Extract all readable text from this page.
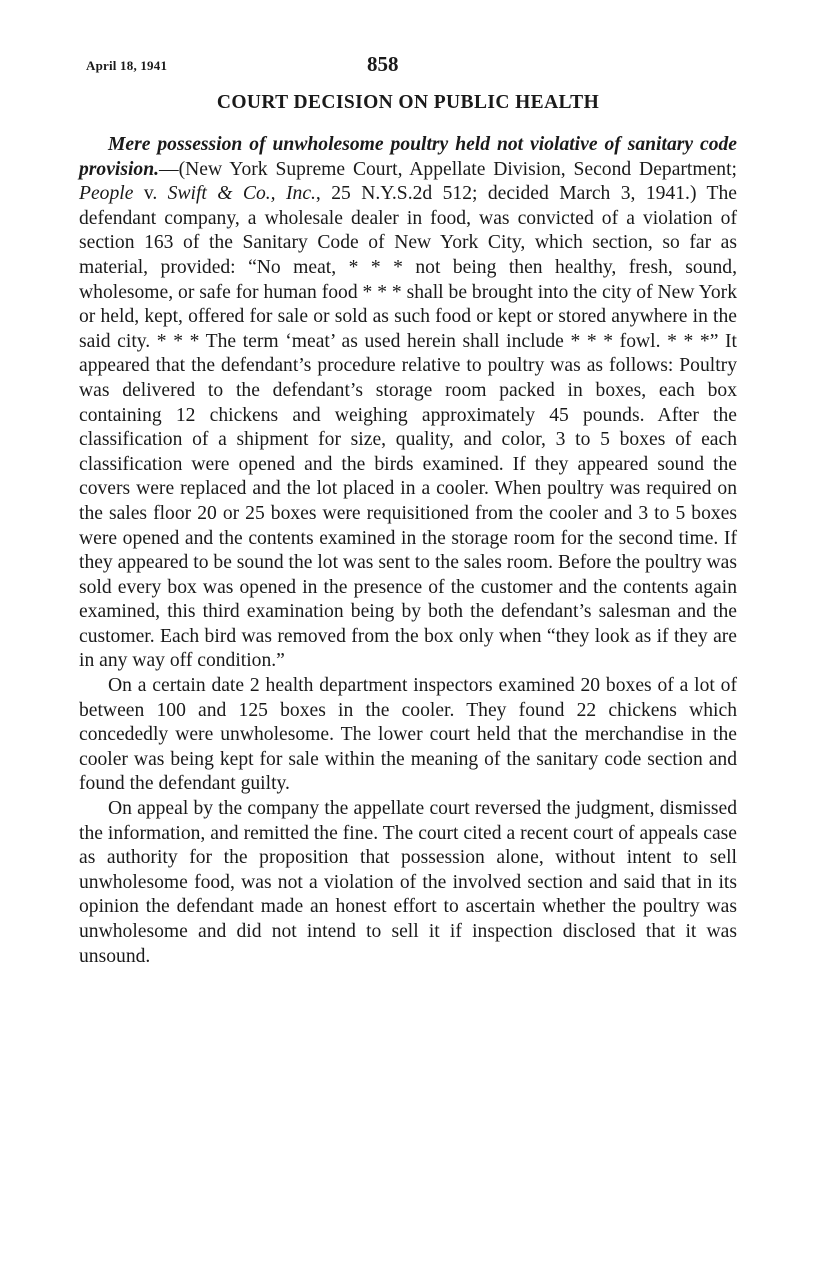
April 18, 1941	858
COURT DECISION ON PUBLIC HEALTH

Mere possession of unwholesome poultry held not violative of sanitary code provision.—(New York Supreme Court, Appellate Division, Second Department; People v. Swift & Co., Inc., 25 N.Y.S.2d 512; decided March 3, 1941.) The defendant company, a wholesale dealer in food, was convicted of a violation of section 163 of the Sanitary Code of New York City, which section, so far as material, provided: “No meat, * * * not being then healthy, fresh, sound, wholesome, or safe for human food * * * shall be brought into the city of New York or held, kept, offered for sale or sold as such food or kept or stored anywhere in the said city. * * * The term ‘meat’ as used herein shall include * * * fowl. * * *” It appeared that the defendant’s procedure relative to poultry was as follows: Poultry was delivered to the defendant’s storage room packed in boxes, each box containing 12 chickens and weighing approximately 45 pounds. After the classification of a shipment for size, quality, and color, 3 to 5 boxes of each classification were opened and the birds examined. If they appeared sound the covers were replaced and the lot placed in a cooler. When poultry was required on the sales floor 20 or 25 boxes were requisitioned from the cooler and 3 to 5 boxes were opened and the contents examined in the storage room for the second time. If they appeared to be sound the lot was sent to the sales room. Before the poultry was sold every box was opened in the presence of the customer and the contents again examined, this third examination being by both the defendant’s salesman and the customer. Each bird was removed from the box only when “they look as if they are in any way off condition.”

On a certain date 2 health department inspectors examined 20 boxes of a lot of between 100 and 125 boxes in the cooler. They found 22 chickens which concededly were unwholesome. The lower court held that the merchandise in the cooler was being kept for sale within the meaning of the sanitary code section and found the defendant guilty.

On appeal by the company the appellate court reversed the judgment, dismissed the information, and remitted the fine. The court cited a recent court of appeals case as authority for the proposition that possession alone, without intent to sell unwholesome food, was not a violation of the involved section and said that in its opinion the defendant made an honest effort to ascertain whether the poultry was unwholesome and did not intend to sell it if inspection disclosed that it was unsound.
